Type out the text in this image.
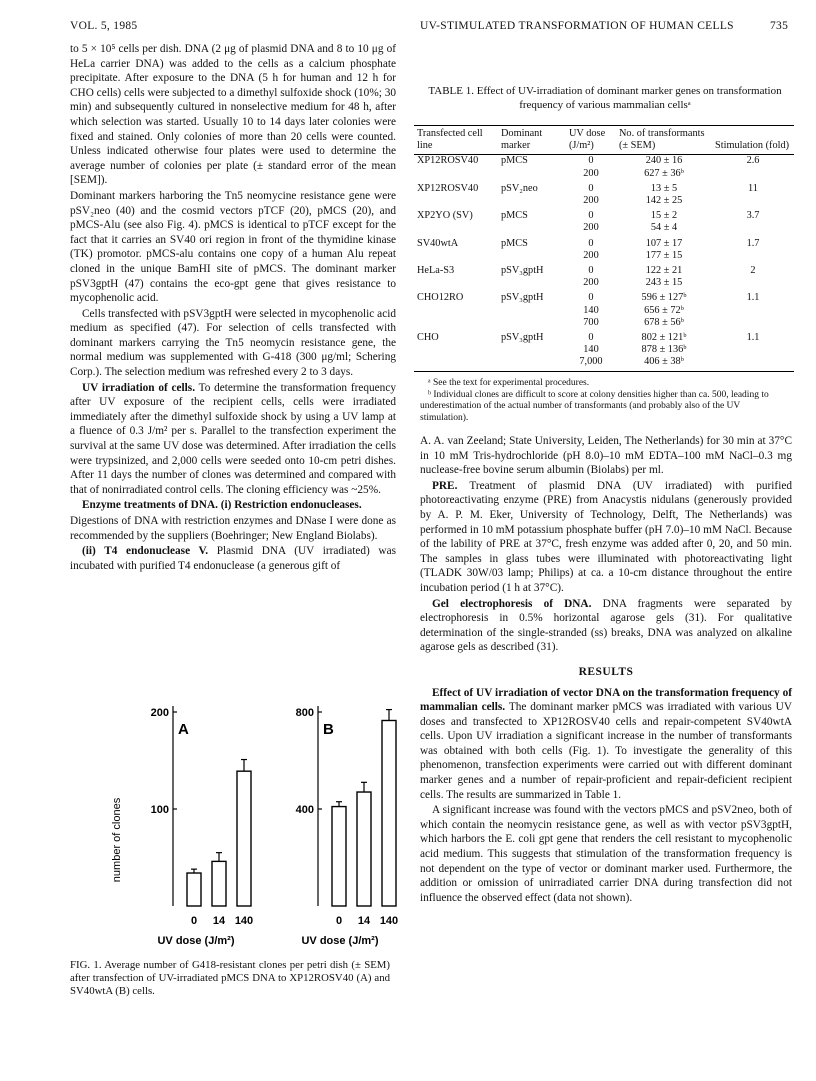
VOL. 5, 1985	UV-STIMULATED TRANSFORMATION OF HUMAN CELLS	735

to 5 × 10⁵ cells per dish. DNA (2 μg of plasmid DNA and 8 to 10 μg of HeLa carrier DNA) was added to the cells as a calcium phosphate precipitate. After exposure to the DNA (5 h for human and 12 h for CHO cells) cells were subjected to a dimethyl sulfoxide shock (10%; 30 min) and subsequently cultured in nonselective medium for 48 h, after which selection was started. Usually 10 to 14 days later colonies were fixed and stained. Only colonies of more than 20 cells were counted. Unless indicated otherwise four plates were used to determine the average number of colonies per plate (± standard error of the mean [SEM]).

Dominant markers harboring the Tn5 neomycine resistance gene were pSV₂neo (40) and the cosmid vectors pTCF (20), pMCS (20), and pMCS-Alu (see also Fig. 4). pMCS is identical to pTCF except for the fact that it carries an SV40 ori region in front of the thymidine kinase (TK) promotor. pMCS-alu contains one copy of a human Alu repeat cloned in the unique BamHI site of pMCS. The dominant marker pSV3gptH (47) contains the eco-gpt gene that gives resistance to mycophenolic acid.

Cells transfected with pSV3gptH were selected in mycophenolic acid medium as specified (47). For selection of cells transfected with dominant markers carrying the Tn5 neomycin resistance gene, the normal medium was supplemented with G-418 (300 μg/ml; Schering Corp.). The selection medium was refreshed every 2 to 3 days.

UV irradiation of cells. To determine the transformation frequency after UV exposure of the recipient cells, cells were irradiated immediately after the dimethyl sulfoxide shock by using a UV lamp at a fluence of 0.3 J/m² per s. Parallel to the transfection experiment the survival at the same UV dose was determined. After irradiation the cells were trypsinized, and 2,000 cells were seeded onto 10-cm petri dishes. After 11 days the number of clones was determined and compared with that of nonirradiated control cells. The cloning efficiency was ~25%.

Enzyme treatments of DNA. (i) Restriction endonucleases.

Digestions of DNA with restriction enzymes and DNase I were done as recommended by the suppliers (Boehringer; New England Biolabs).

(ii) T4 endonuclease V. Plasmid DNA (UV irradiated) was incubated with purified T4 endonuclease (a generous gift of

number of clones	100
200
A
0 14 140
400
800
B
0 14 140
UV dose (J/m²)	UV dose (J/m²)
FIG. 1. Average number of G418-resistant clones per petri dish (± SEM) after transfection of UV-irradiated pMCS DNA to XP12ROSV40 (A) and SV40wtA (B) cells.
TABLE 1. Effect of UV-irradiation of dominant marker genes on transformation frequency of various mammalian cellsᵃ
Transfected cell line	Dominant marker	UV dose (J/m²)	No. of transformants (± SEM)	Stimulation (fold)
XP12ROSV40	pMCS	0	240 ± 16	2.6
		200	627 ± 36ᵇ	
XP12ROSV40	pSV₂neo	0	13 ± 5	11
		200	142 ± 25	
XP2YO (SV)	pMCS	0	15 ± 2	3.7
		200	54 ± 4	
SV40wtA	pMCS	0	107 ± 17	1.7
		200	177 ± 15	
HeLa-S3	pSV₃gptH	0	122 ± 21	2
		200	243 ± 15	
CHO12RO	pSV₃gptH	0	596 ± 127ᵇ	1.1
		140	656 ± 72ᵇ	
		700	678 ± 56ᵇ	
CHO	pSV₃gptH	0	802 ± 121ᵇ	1.1
		140	878 ± 136ᵇ	
		7,000	406 ± 38ᵇ	
ᵃ See the text for experimental procedures.
ᵇ Individual clones are difficult to score at colony densities higher than ca. 500, leading to underestimation of the actual number of transformants (and probably also of the UV stimulation).

A. A. van Zeeland; State University, Leiden, The Netherlands) for 30 min at 37°C in 10 mM Tris-hydrochloride (pH 8.0)–10 mM EDTA–100 mM NaCl–0.3 mg nuclease-free bovine serum albumin (Biolabs) per ml.

PRE. Treatment of plasmid DNA (UV irradiated) with purified photoreactivating enzyme (PRE) from Anacystis nidulans (generously provided by A. P. M. Eker, University of Technology, Delft, The Netherlands) was performed in 10 mM potassium phosphate buffer (pH 7.0)–10 mM NaCl. Because of the lability of PRE at 37°C, fresh enzyme was added after 0, 20, and 50 min. The samples in glass tubes were illuminated with photoreactivating light (TLADK 30W/03 lamp; Philips) at ca. a 10-cm distance throughout the entire incubation period (1 h at 37°C).

Gel electrophoresis of DNA. DNA fragments were separated by electrophoresis in 0.5% horizontal agarose gels (31). For qualitative determination of the single-stranded (ss) breaks, DNA was analyzed on alkaline agarose gels as described (31).

RESULTS

Effect of UV irradiation of vector DNA on the transformation frequency of mammalian cells. The dominant marker pMCS was irradiated with various UV doses and transfected to XP12ROSV40 cells and repair-competent SV40wtA cells. Upon UV irradiation a significant increase in the number of transformants was obtained with both cells (Fig. 1). To investigate the generality of this phenomenon, transfection experiments were carried out with different dominant marker genes and a number of repair-proficient and repair-deficient recipient cells. The results are summarized in Table 1.

A significant increase was found with the vectors pMCS and pSV2neo, both of which contain the neomycin resistance gene, as well as with vector pSV3gptH, which harbors the E. coli gpt gene that renders the cell resistant to mycophenolic acid medium. This suggests that stimulation of the transformation frequency is not dependent on the type of vector or dominant marker used. Furthermore, the addition or omission of unirradiated carrier DNA during transfection did not influence the observed effect (data not shown).
